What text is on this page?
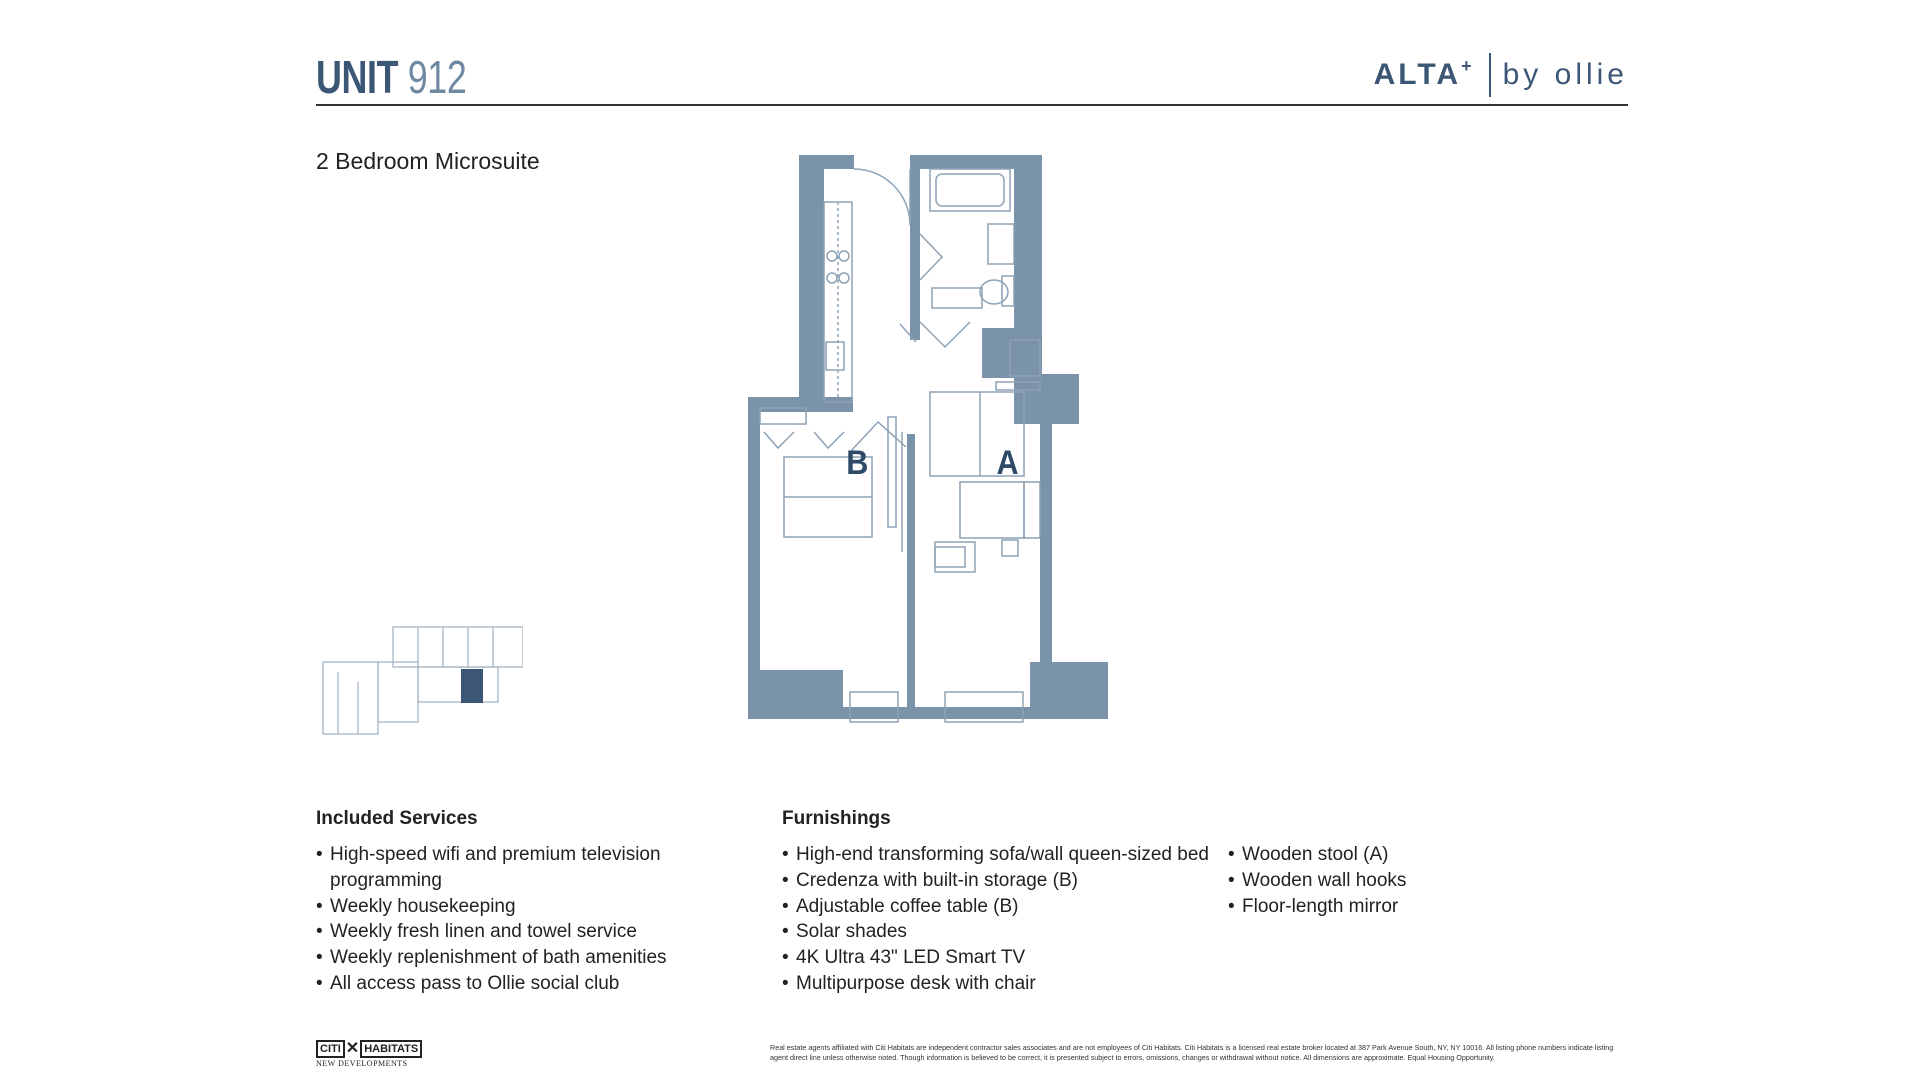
UNIT 912	ALTA+ by ollie
2 Bedroom Microsuite
B	A
Included Services
• High-speed wifi and premium television programming
• Weekly housekeeping
• Weekly fresh linen and towel service
• Weekly replenishment of bath amenities
• All access pass to Ollie social club
Furnishings
• High-end transforming sofa/wall queen-sized bed
• Credenza with built-in storage (B)
• Adjustable coffee table (B)
• Solar shades
• 4K Ultra 43" LED Smart TV
• Multipurpose desk with chair
• Wooden stool (A)
• Wooden wall hooks
• Floor-length mirror
CITI ✕ HABITATS
NEW DEVELOPMENTS
Real estate agents affiliated with Citi Habitats are independent contractor sales associates and are not employees of Citi Habitats. Citi Habitats is a licensed real estate broker located at 387 Park Avenue South, NY, NY 10016. All listing phone numbers indicate listing agent direct line unless otherwise noted. Though information is believed to be correct, it is presented subject to errors, omissions, changes or withdrawal without notice. All dimensions are approximate. Equal Housing Opportunity.
